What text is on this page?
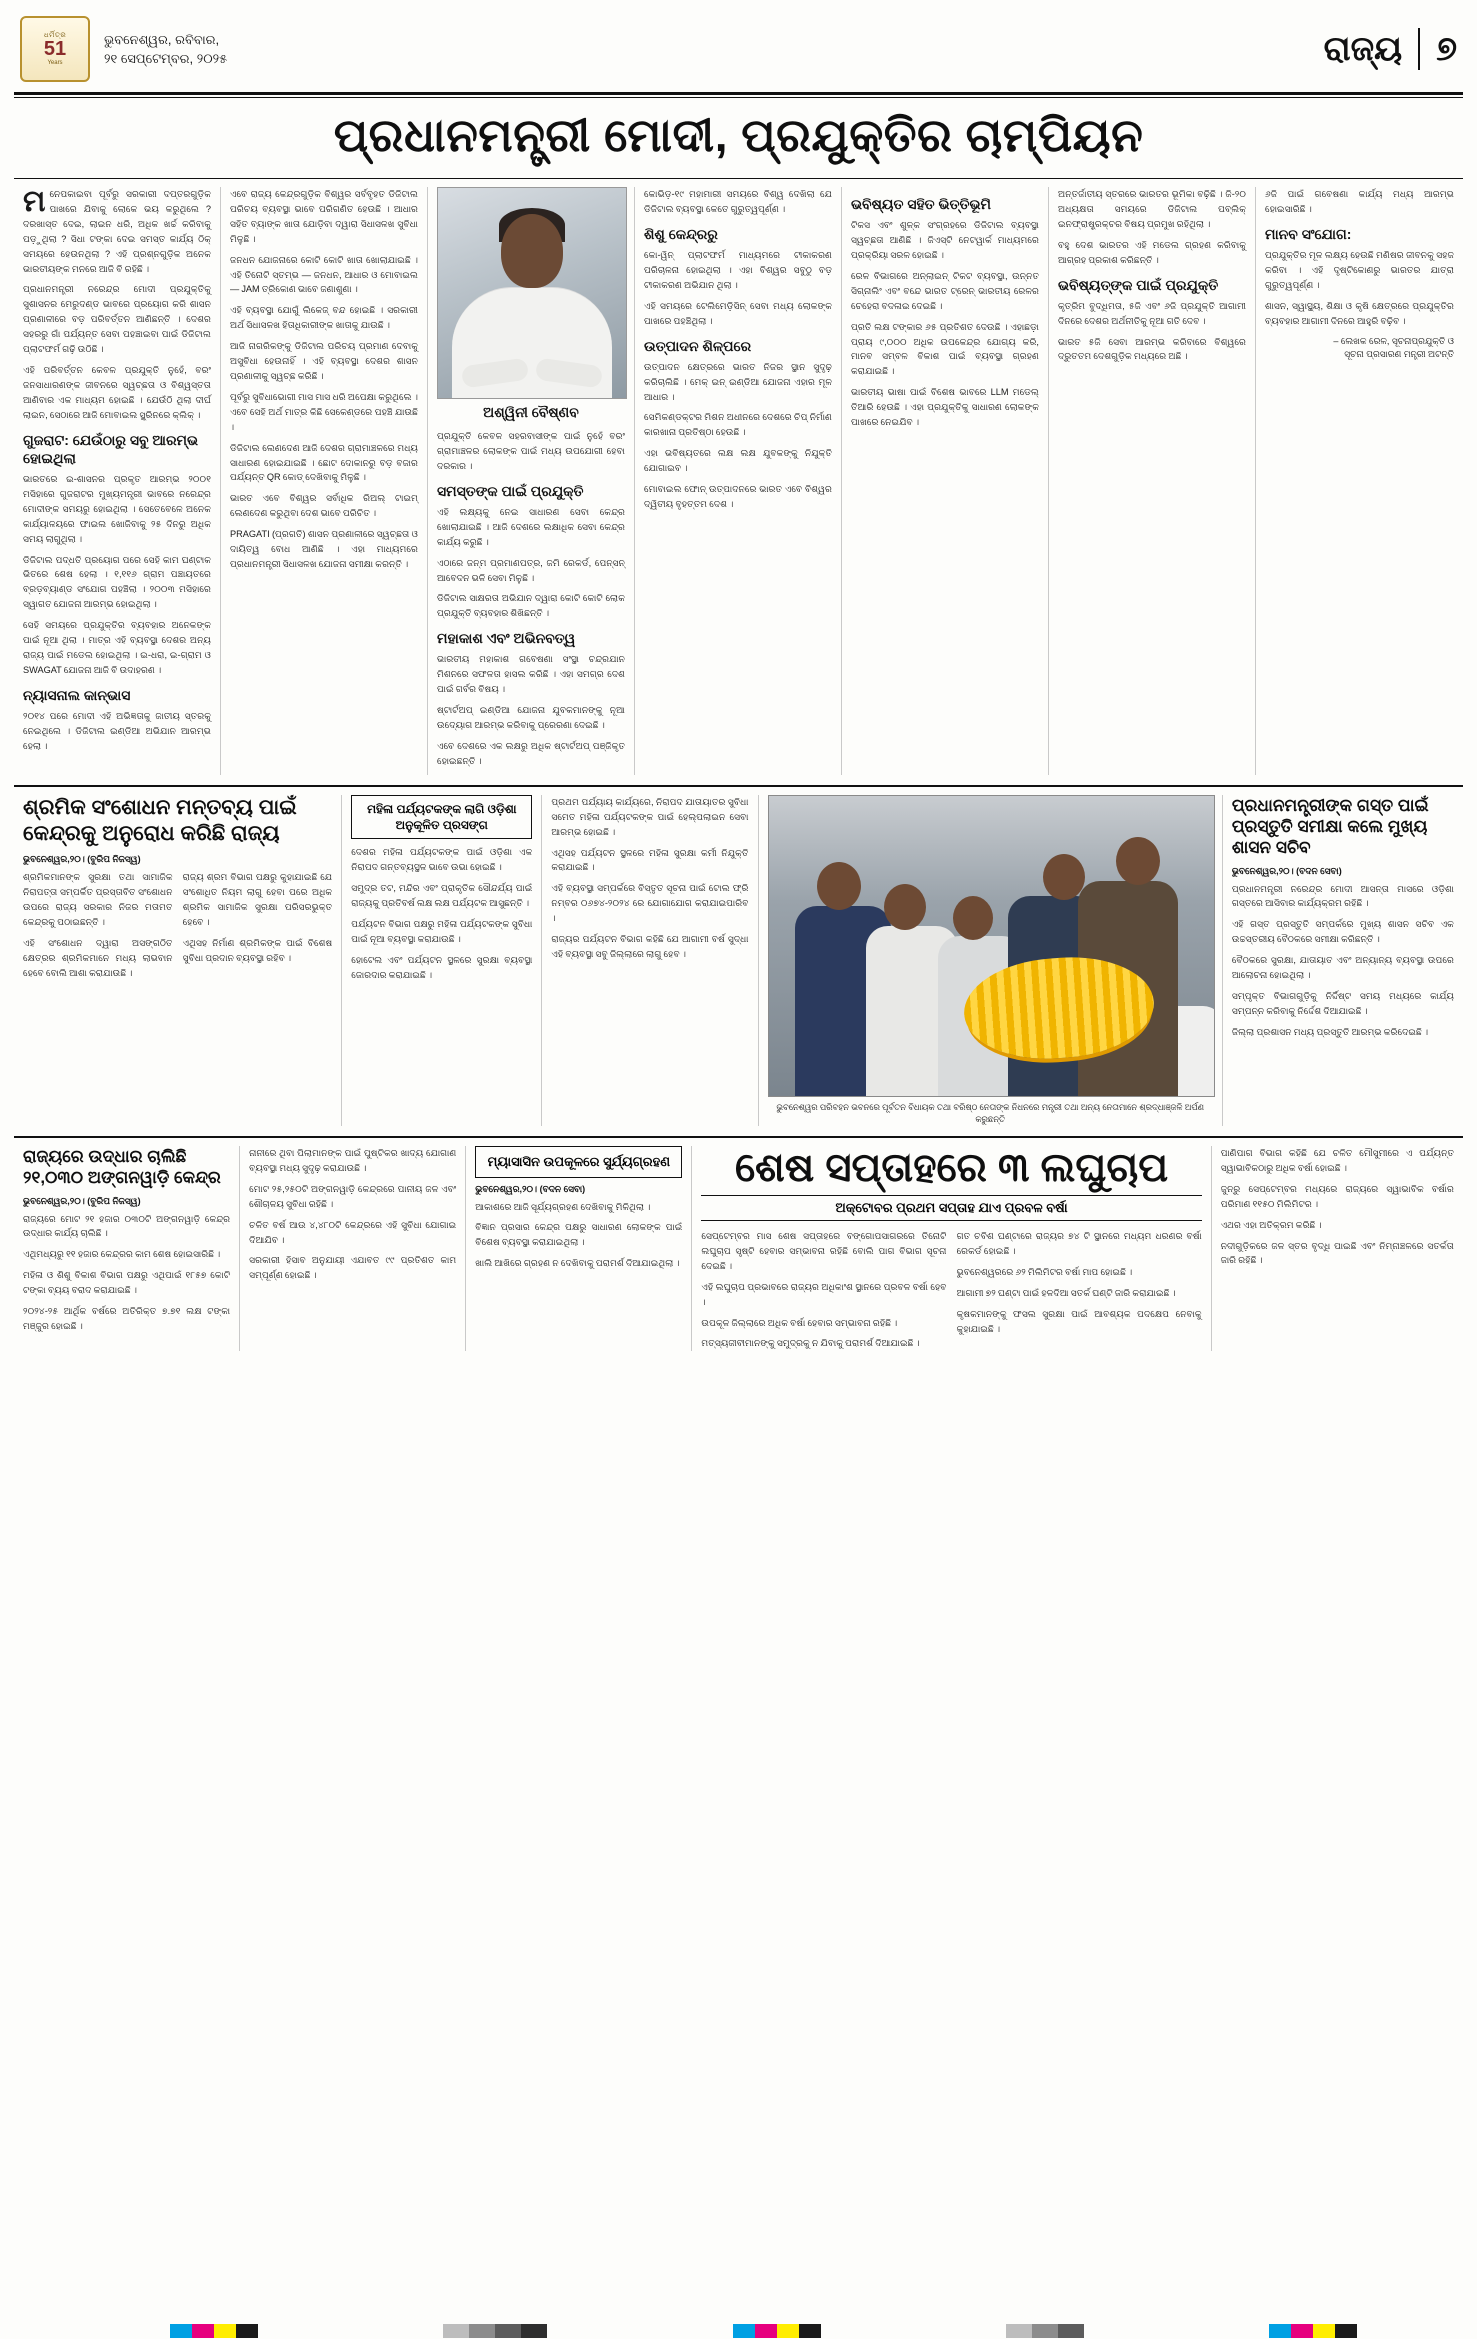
ଧର୍ମିତ୍ର
51
Years
ଭୁବନେଶ୍ୱର, ରବିବାର,
୨୧ ସେପ୍ଟେମ୍ବର, ୨୦୨୫	ରାଜ୍ୟ ୭
ପ୍ରଧାନମନ୍ତ୍ରୀ ମୋଦୀ, ପ୍ରଯୁକ୍ତିର ଚାମ୍ପିୟନ

ମନେପକାଇବା ପୂର୍ବରୁ ସରକାରୀ ଦପ୍ତରଗୁଡ଼ିକ ପାଖରେ ଯିବାକୁ ଲୋକେ ଭୟ କରୁଥିଲେ ? ଦରଖାସ୍ତ ଦେଇ, ଲାଇନ ଧରି, ଅଧିକ ଖର୍ଚ୍ଚ କରିବାକୁ ପଡ଼ୁଥିଲା ? ସିଧା ଟଙ୍କା ଦେଇ ସମସ୍ତ କାର୍ଯ୍ୟ ଠିକ୍‌ ସମୟରେ ହେଉନଥିଲା ? ଏହି ପ୍ରଶ୍ନଗୁଡ଼ିକ ଅନେକ ଭାରତୀୟଙ୍କ ମନରେ ଆଜି ବି ରହିଛି ।

ପ୍ରଧାନମନ୍ତ୍ରୀ ନରେନ୍ଦ୍ର ମୋଦୀ ପ୍ରଯୁକ୍ତିକୁ ସୁଶାସନର ମେରୁଦଣ୍ଡ ଭାବରେ ପ୍ରୟୋଗ କରି ଶାସନ ପ୍ରଣାଳୀରେ ବଡ଼ ପରିବର୍ତ୍ତନ ଆଣିଛନ୍ତି । ଦେଶର ସହରରୁ ଗାଁ ପର୍ଯ୍ୟନ୍ତ ସେବା ପହଞ୍ଚାଇବା ପାଇଁ ଡିଜିଟାଲ ପ୍ଲାଟଫର୍ମ ଗଢ଼ି ଉଠିଛି ।

ଏହି ପରିବର୍ତ୍ତନ କେବଳ ପ୍ରଯୁକ୍ତି ନୁହେଁ, ବରଂ ଜନସାଧାରଣଙ୍କ ଜୀବନରେ ସ୍ୱଚ୍ଛତା ଓ ବିଶ୍ୱସ୍ତତା ଆଣିବାର ଏକ ମାଧ୍ୟମ ହୋଇଛି । ଯେଉଁଠି ଥିଲା ଦୀର୍ଘ ଲାଇନ, ସେଠାରେ ଆଜି ମୋବାଇଲ ସ୍କ୍ରିନରେ କ୍ଲିକ୍‌ ।

ଗୁଜରାଟ: ଯେଉଁଠାରୁ ସବୁ ଆରମ୍ଭ ହୋଇଥିଲା

ଭାରତରେ ଇ-ଶାସନର ପ୍ରକୃତ ଆରମ୍ଭ ୨୦୦୧ ମସିହାରେ ଗୁଜରାଟର ମୁଖ୍ୟମନ୍ତ୍ରୀ ଭାବରେ ନରେନ୍ଦ୍ର ମୋଦୀଙ୍କ ସମୟରୁ ହୋଇଥିଲା । ସେତେବେଳେ ଅନେକ କାର୍ଯ୍ୟାଳୟରେ ଫାଇଲ ଖୋଜିବାକୁ ୨୫ ଦିନରୁ ଅଧିକ ସମୟ ଲାଗୁଥିଲା ।

ଡିଜିଟାଲ ପଦ୍ଧତି ପ୍ରୟୋଗ ପରେ ସେହି କାମ ଘଣ୍ଟାକ ଭିତରେ ଶେଷ ହେଲା । ୧,୧୧୬ ଗ୍ରାମ ପଞ୍ଚାୟତରେ ବ୍ରଡ଼ବ୍ୟାଣ୍ଡ ସଂଯୋଗ ପହଞ୍ଚିଲା । ୨୦୦୩ ମସିହାରେ ସ୍ୱାଗତ ଯୋଜନା ଆରମ୍ଭ ହୋଇଥିଲା ।

ସେହି ସମୟରେ ପ୍ରଯୁକ୍ତିର ବ୍ୟବହାର ଅନେକଙ୍କ ପାଇଁ ନୂଆ ଥିଲା । ମାତ୍ର ଏହି ବ୍ୟବସ୍ଥା ଦେଶର ଅନ୍ୟ ରାଜ୍ୟ ପାଇଁ ମଡେଲ ହୋଇଥିଲା । ଇ-ଧରା, ଇ-ଗ୍ରାମ ଓ SWAGAT ଯୋଜନା ଆଜି ବି ଉଦାହରଣ ।

ନ୍ୟାସନାଲ କାନ୍‌ଭାସ

୨୦୧୪ ପରେ ମୋଦୀ ଏହି ଅଭିଜ୍ଞତାକୁ ଜାତୀୟ ସ୍ତରକୁ ନେଇଥିଲେ । ଡିଜିଟାଲ ଇଣ୍ଡିଆ ଅଭିଯାନ ଆରମ୍ଭ ହେଲା ।

ଏବେ ରାଜ୍ୟ କେନ୍ଦ୍ରଗୁଡ଼ିକ ବିଶ୍ୱର ସର୍ବବୃହତ ଡିଜିଟାଲ ପରିଚୟ ବ୍ୟବସ୍ଥା ଭାବେ ପରିଗଣିତ ହେଉଛି । ଆଧାର ସହିତ ବ୍ୟାଙ୍କ ଖାତା ଯୋଡ଼ିବା ଦ୍ୱାରା ସିଧାସଳଖ ସୁବିଧା ମିଳୁଛି ।

ଜନଧନ ଯୋଜନାରେ କୋଟି କୋଟି ଖାତା ଖୋଲାଯାଇଛି । ଏହି ତିନୋଟି ସ୍ତମ୍ଭ — ଜନଧନ, ଆଧାର ଓ ମୋବାଇଲ — JAM ତ୍ରିକୋଣ ଭାବେ ଜଣାଶୁଣା ।

ଏହି ବ୍ୟବସ୍ଥା ଯୋଗୁଁ ଲିକେଜ୍‌ ବନ୍ଦ ହୋଇଛି । ସରକାରୀ ଅର୍ଥ ସିଧାସଳଖ ହିତାଧିକାରୀଙ୍କ ଖାତାକୁ ଯାଉଛି ।

ଆଜି ନାଗରିକଙ୍କୁ ଡିଜିଟାଲ ପରିଚୟ ପ୍ରମାଣ ଦେବାକୁ ଅସୁବିଧା ହେଉନାହିଁ । ଏହି ବ୍ୟବସ୍ଥା ଦେଶର ଶାସନ ପ୍ରଣାଳୀକୁ ସ୍ୱଚ୍ଛ କରିଛି ।

ପୂର୍ବରୁ ସୁବିଧାଭୋଗୀ ମାସ ମାସ ଧରି ଅପେକ୍ଷା କରୁଥିଲେ । ଏବେ ସେହି ଅର୍ଥ ମାତ୍ର କିଛି ସେକେଣ୍ଡରେ ପହଞ୍ଚି ଯାଉଛି ।

ଡିଜିଟାଲ ଲେଣଦେଣ ଆଜି ଦେଶର ଗ୍ରାମାଞ୍ଚଳରେ ମଧ୍ୟ ସାଧାରଣ ହୋଇଯାଇଛି । ଛୋଟ ଦୋକାନରୁ ବଡ଼ ବଜାର ପର୍ଯ୍ୟନ୍ତ QR କୋଡ୍‌ ଦେଖିବାକୁ ମିଳୁଛି ।

ଭାରତ ଏବେ ବିଶ୍ୱର ସର୍ବାଧିକ ରିଅଲ୍‌ ଟାଇମ୍‌ ଲେଣଦେଣ କରୁଥିବା ଦେଶ ଭାବେ ପରିଚିତ ।

PRAGATI (ପ୍ରଗତି) ଶାସନ ପ୍ରଣାଳୀରେ ସ୍ୱଚ୍ଛତା ଓ ଦାୟିତ୍ୱ ବୋଧ ଆଣିଛି । ଏହା ମାଧ୍ୟମରେ ପ୍ରଧାନମନ୍ତ୍ରୀ ସିଧାସଳଖ ଯୋଜନା ସମୀକ୍ଷା କରନ୍ତି ।

ଅଶ୍ୱିନୀ ବୈଷ୍ଣବ

ପ୍ରଯୁକ୍ତି କେବଳ ସହରବାସୀଙ୍କ ପାଇଁ ନୁହେଁ ବରଂ ଗ୍ରାମାଞ୍ଚଳର ଲୋକଙ୍କ ପାଇଁ ମଧ୍ୟ ଉପଯୋଗୀ ହେବା ଦରକାର ।

ସମସ୍ତଙ୍କ ପାଇଁ ପ୍ରଯୁକ୍ତି

ଏହି ଲକ୍ଷ୍ୟକୁ ନେଇ ସାଧାରଣ ସେବା କେନ୍ଦ୍ର ଖୋଲାଯାଇଛି । ଆଜି ଦେଶରେ ଲକ୍ଷାଧିକ ସେବା କେନ୍ଦ୍ର କାର୍ଯ୍ୟ କରୁଛି ।

ଏଠାରେ ଜନ୍ମ ପ୍ରମାଣପତ୍ର, ଜମି ରେକର୍ଡ, ପେନ୍‌ସନ୍‌ ଆବେଦନ ଭଳି ସେବା ମିଳୁଛି ।

ଡିଜିଟାଲ ସାକ୍ଷରତା ଅଭିଯାନ ଦ୍ୱାରା କୋଟି କୋଟି ଲୋକ ପ୍ରଯୁକ୍ତି ବ୍ୟବହାର ଶିଖିଛନ୍ତି ।

ମହାକାଶ ଏବଂ ଅଭିନବତ୍ୱ

ଭାରତୀୟ ମହାକାଶ ଗବେଷଣା ସଂସ୍ଥା ଚନ୍ଦ୍ରଯାନ ମିଶନରେ ସଫଳତା ହାସଲ କରିଛି । ଏହା ସମଗ୍ର ଦେଶ ପାଇଁ ଗର୍ବର ବିଷୟ ।

ଷ୍ଟାର୍ଟଅପ୍‌ ଇଣ୍ଡିଆ ଯୋଜନା ଯୁବକମାନଙ୍କୁ ନୂଆ ଉଦ୍ୟୋଗ ଆରମ୍ଭ କରିବାକୁ ପ୍ରେରଣା ଦେଇଛି ।

ଏବେ ଦେଶରେ ଏକ ଲକ୍ଷରୁ ଅଧିକ ଷ୍ଟାର୍ଟଅପ୍‌ ପଞ୍ଜିକୃତ ହୋଇଛନ୍ତି ।

କୋଭିଡ଼-୧୯ ମହାମାରୀ ସମୟରେ ବିଶ୍ୱ ଦେଖିଲା ଯେ ଡିଜିଟାଲ ବ୍ୟବସ୍ଥା କେତେ ଗୁରୁତ୍ୱପୂର୍ଣ୍ଣ ।

ଶିଶୁ କେନ୍ଦ୍ରରୁ

କୋ-ୱିନ୍‌ ପ୍ଲାଟଫର୍ମ ମାଧ୍ୟମରେ ଟୀକାକରଣ ପରିଚାଳନା ହୋଇଥିଲା । ଏହା ବିଶ୍ୱର ସବୁଠୁ ବଡ଼ ଟୀକାକରଣ ଅଭିଯାନ ଥିଲା ।

ଏହି ସମୟରେ ଟେଲିମେଡ଼ିସିନ୍‌ ସେବା ମଧ୍ୟ ଲୋକଙ୍କ ପାଖରେ ପହଞ୍ଚିଥିଲା ।

ଉତ୍ପାଦନ ଶିଳ୍ପରେ

ଉତ୍ପାଦନ କ୍ଷେତ୍ରରେ ଭାରତ ନିଜର ସ୍ଥାନ ସୁଦୃଢ଼ କରିଚାଲିଛି । ମେକ୍‌ ଇନ୍‌ ଇଣ୍ଡିଆ ଯୋଜନା ଏହାର ମୂଳ ଆଧାର ।

ସେମିକଣ୍ଡକ୍ଟର ମିଶନ ଅଧୀନରେ ଦେଶରେ ଚିପ୍‌ ନିର୍ମାଣ କାରଖାନା ପ୍ରତିଷ୍ଠା ହେଉଛି ।

ଏହା ଭବିଷ୍ୟତରେ ଲକ୍ଷ ଲକ୍ଷ ଯୁବକଙ୍କୁ ନିଯୁକ୍ତି ଯୋଗାଇବ ।

ମୋବାଇଲ ଫୋନ୍‌ ଉତ୍ପାଦନରେ ଭାରତ ଏବେ ବିଶ୍ୱର ଦ୍ୱିତୀୟ ବୃହତ୍ତମ ଦେଶ ।

ଭବିଷ୍ୟତ ସହିତ ଭିତ୍ତିଭୂମି

ଟିକସ ଏବଂ ଶୁଳ୍କ ସଂଗ୍ରହରେ ଡିଜିଟାଲ ବ୍ୟବସ୍ଥା ସ୍ୱଚ୍ଛତା ଆଣିଛି । ଜିଏସ୍‌ଟି ନେଟୱାର୍କ ମାଧ୍ୟମରେ ପ୍ରକ୍ରିୟା ସରଳ ହୋଇଛି ।

ରେଳ ବିଭାଗରେ ଅନ୍‌ଲାଇନ୍‌ ଟିକଟ ବ୍ୟବସ୍ଥା, ଉନ୍ନତ ସିଗ୍ନାଲିଂ ଏବଂ ବନ୍ଦେ ଭାରତ ଟ୍ରେନ୍‌ ଭାରତୀୟ ରେଳର ଚେହେରା ବଦଳାଇ ଦେଇଛି ।

ପ୍ରତି ଲକ୍ଷ ଟଙ୍କାର ୬୫ ପ୍ରତିଶତ ଦେଉଛି । ଏହାଛଡ଼ା ପ୍ରାୟ ୯,୦୦୦ ଅଧିକ ଉପକେନ୍ଦ୍ର ଯୋଗ୍ୟ କରି, ମାନବ ସମ୍ବଳ ବିକାଶ ପାଇଁ ବ୍ୟବସ୍ଥା ଗ୍ରହଣ କରାଯାଇଛି ।

ଭାରତୀୟ ଭାଷା ପାଇଁ ବିଶେଷ ଭାବରେ LLM ମଡେଲ୍‌ ତିଆରି ହେଉଛି । ଏହା ପ୍ରଯୁକ୍ତିକୁ ସାଧାରଣ ଲୋକଙ୍କ ପାଖରେ ନେଇଯିବ ।

ଅନ୍ତର୍ଜାତୀୟ ସ୍ତରରେ ଭାରତର ଭୂମିକା ବଢ଼ିଛି । ଜି-୨୦ ଅଧ୍ୟକ୍ଷତା ସମୟରେ ଡିଜିଟାଲ ପବ୍ଲିକ୍‌ ଇନଫ୍ରାଷ୍ଟ୍ରକ୍ଚର ବିଷୟ ପ୍ରମୁଖ ରହିଥିଲା ।

ବହୁ ଦେଶ ଭାରତର ଏହି ମଡେଲ ଗ୍ରହଣ କରିବାକୁ ଆଗ୍ରହ ପ୍ରକାଶ କରିଛନ୍ତି ।

ଭବିଷ୍ୟତ୍‌ଙ୍କ ପାଇଁ ପ୍ରଯୁକ୍ତି

କୃତ୍ରିମ ବୁଦ୍ଧିମତା, ୫ଜି ଏବଂ ୬ଜି ପ୍ରଯୁକ୍ତି ଆଗାମୀ ଦିନରେ ଦେଶର ଅର୍ଥନୀତିକୁ ନୂଆ ଗତି ଦେବ ।

ଭାରତ ୫ଜି ସେବା ଆରମ୍ଭ କରିବାରେ ବିଶ୍ୱରେ ଦ୍ରୁତତମ ଦେଶଗୁଡ଼ିକ ମଧ୍ୟରେ ଅଛି ।

୬ଜି ପାଇଁ ଗବେଷଣା କାର୍ଯ୍ୟ ମଧ୍ୟ ଆରମ୍ଭ ହୋଇସାରିଛି ।

ମାନବ ସଂଯୋଗ:

ପ୍ରଯୁକ୍ତିର ମୂଳ ଲକ୍ଷ୍ୟ ହେଉଛି ମଣିଷର ଜୀବନକୁ ସହଜ କରିବା । ଏହି ଦୃଷ୍ଟିକୋଣରୁ ଭାରତର ଯାତ୍ରା ଗୁରୁତ୍ୱପୂର୍ଣ୍ଣ ।

ଶାସନ, ସ୍ୱାସ୍ଥ୍ୟ, ଶିକ୍ଷା ଓ କୃଷି କ୍ଷେତ୍ରରେ ପ୍ରଯୁକ୍ତିର ବ୍ୟବହାର ଆଗାମୀ ଦିନରେ ଆହୁରି ବଢ଼ିବ ।

– ଲେଖକ ରେଳ, ସୂଚନାପ୍ରଯୁକ୍ତି ଓ
ସୂଚନା ପ୍ରସାରଣ ମନ୍ତ୍ରୀ ଅଟନ୍ତି
ଶ୍ରମିକ ସଂଶୋଧନ ମନ୍ତବ୍ୟ ପାଇଁ କେନ୍ଦ୍ରକୁ ଅନୁରୋଧ କରିଛି ରାଜ୍ୟ
ଭୁବନେଶ୍ୱର,୨୦। (ବୁରିପ ନିଜସ୍ୱ)

ଶ୍ରମିକମାନଙ୍କ ସୁରକ୍ଷା ତଥା ସାମାଜିକ ନିରାପତ୍ତା ସମ୍ପର୍କିତ ପ୍ରସ୍ତାବିତ ସଂଶୋଧନ ଉପରେ ରାଜ୍ୟ ସରକାର ନିଜର ମତାମତ କେନ୍ଦ୍ରକୁ ପଠାଇଛନ୍ତି ।

ଏହି ସଂଶୋଧନ ଦ୍ୱାରା ଅସଙ୍ଗଠିତ କ୍ଷେତ୍ରର ଶ୍ରମିକମାନେ ମଧ୍ୟ ଲାଭବାନ ହେବେ ବୋଲି ଆଶା କରାଯାଉଛି ।

ରାଜ୍ୟ ଶ୍ରମ ବିଭାଗ ପକ୍ଷରୁ କୁହାଯାଇଛି ଯେ ସଂଶୋଧିତ ନିୟମ ଲାଗୁ ହେବା ପରେ ଅଧିକ ଶ୍ରମିକ ସାମାଜିକ ସୁରକ୍ଷା ପରିସରଭୁକ୍ତ ହେବେ ।

ଏଥିସହ ନିର୍ମାଣ ଶ୍ରମିକଙ୍କ ପାଇଁ ବିଶେଷ ସୁବିଧା ପ୍ରଦାନ ବ୍ୟବସ୍ଥା ରହିବ ।

ମହିଳା ପର୍ଯ୍ୟଟକଙ୍କ ଲାଗି ଓଡ଼ିଶା ଅନୁକୂଳିତ ପ୍ରସଙ୍ଗ

ଦେଶର ମହିଳା ପର୍ଯ୍ୟଟକଙ୍କ ପାଇଁ ଓଡ଼ିଶା ଏକ ନିରାପଦ ଗନ୍ତବ୍ୟସ୍ଥଳ ଭାବେ ଉଭା ହୋଇଛି ।

ସମୁଦ୍ର ତଟ, ମନ୍ଦିର ଏବଂ ପ୍ରାକୃତିକ ସୌନ୍ଦର୍ଯ୍ୟ ପାଇଁ ରାଜ୍ୟକୁ ପ୍ରତିବର୍ଷ ଲକ୍ଷ ଲକ୍ଷ ପର୍ଯ୍ୟଟକ ଆସୁଛନ୍ତି ।

ପର୍ଯ୍ୟଟନ ବିଭାଗ ପକ୍ଷରୁ ମହିଳା ପର୍ଯ୍ୟଟକଙ୍କ ସୁବିଧା ପାଇଁ ନୂଆ ବ୍ୟବସ୍ଥା କରାଯାଉଛି ।

ହୋଟେଲ ଏବଂ ପର୍ଯ୍ୟଟନ ସ୍ଥଳରେ ସୁରକ୍ଷା ବ୍ୟବସ୍ଥା ଜୋରଦାର କରାଯାଇଛି ।

ପ୍ରଥମ ପର୍ଯ୍ୟାୟ କାର୍ଯ୍ୟରେ, ନିରାପଦ ଯାତାୟାତର ସୁବିଧା ସମେତ ମହିଳା ପର୍ଯ୍ୟଟକଙ୍କ ପାଇଁ ହେଲ୍ପଲାଇନ ସେବା ଆରମ୍ଭ ହୋଇଛି ।

ଏଥିସହ ପର୍ଯ୍ୟଟନ ସ୍ଥଳରେ ମହିଳା ସୁରକ୍ଷା କର୍ମୀ ନିଯୁକ୍ତି କରାଯାଇଛି ।

ଏହି ବ୍ୟବସ୍ଥା ସମ୍ପର୍କରେ ବିସ୍ତୃତ ସୂଚନା ପାଇଁ ଟୋଲ ଫ୍ରି ନମ୍ବର ୦୬୭୪-୨୦୨୪ ରେ ଯୋଗାଯୋଗ କରାଯାଇପାରିବ ।

ରାଜ୍ୟର ପର୍ଯ୍ୟଟନ ବିଭାଗ କହିଛି ଯେ ଆଗାମୀ ବର୍ଷ ସୁଦ୍ଧା ଏହି ବ୍ୟବସ୍ଥା ସବୁ ଜିଲ୍ଲାରେ ଲାଗୁ ହେବ ।

ଭୁବନେଶ୍ୱର ପରିବହନ ଭବନରେ ପୂର୍ବତନ ବିଧାୟକ ତଥା ବରିଷ୍ଠ ନେତାଙ୍କ ନିଧନରେ ମନ୍ତ୍ରୀ ତଥା ଅନ୍ୟ ନେତାମାନେ ଶ୍ରଦ୍ଧାଞ୍ଜଳି ଅର୍ପଣ କରୁଛନ୍ତି
ପ୍ରଧାନମନ୍ତ୍ରୀଙ୍କ ଗସ୍ତ ପାଇଁ ପ୍ରସ୍ତୁତି ସମୀକ୍ଷା କଲେ ମୁଖ୍ୟ ଶାସନ ସଚିବ
ଭୁବନେଶ୍ୱର,୨୦। (ବଦନ ସେବା)

ପ୍ରଧାନମନ୍ତ୍ରୀ ନରେନ୍ଦ୍ର ମୋଦୀ ଆସନ୍ତା ମାସରେ ଓଡ଼ିଶା ଗସ୍ତରେ ଆସିବାର କାର୍ଯ୍ୟକ୍ରମ ରହିଛି ।

ଏହି ଗସ୍ତ ପ୍ରସ୍ତୁତି ସମ୍ପର୍କରେ ମୁଖ୍ୟ ଶାସନ ସଚିବ ଏକ ଉଚ୍ଚସ୍ତରୀୟ ବୈଠକରେ ସମୀକ୍ଷା କରିଛନ୍ତି ।

ବୈଠକରେ ସୁରକ୍ଷା, ଯାତାୟାତ ଏବଂ ଅନ୍ୟାନ୍ୟ ବ୍ୟବସ୍ଥା ଉପରେ ଆଲୋଚନା ହୋଇଥିଲା ।

ସମ୍ପୃକ୍ତ ବିଭାଗଗୁଡ଼ିକୁ ନିର୍ଦ୍ଦିଷ୍ଟ ସମୟ ମଧ୍ୟରେ କାର୍ଯ୍ୟ ସମ୍ପନ୍ନ କରିବାକୁ ନିର୍ଦ୍ଦେଶ ଦିଆଯାଇଛି ।

ଜିଲ୍ଲା ପ୍ରଶାସନ ମଧ୍ୟ ପ୍ରସ୍ତୁତି ଆରମ୍ଭ କରିଦେଇଛି ।

ରାଜ୍ୟରେ ଉଦ୍ଧାର ଚାଲିଛି ୨୧,୦୩୦ ଅଙ୍ଗନୱାଡ଼ି କେନ୍ଦ୍ର
ଭୁବନେଶ୍ୱର,୨୦। (ବୁରିପ ନିଜସ୍ୱ)

ରାଜ୍ୟରେ ମୋଟ ୨୧ ହଜାର ୦୩୦ଟି ଅଙ୍ଗନୱାଡ଼ି କେନ୍ଦ୍ର ଉଦ୍ଧାର କାର୍ଯ୍ୟ ଚାଲିଛି ।

ଏଥିମଧ୍ୟରୁ ୧୧ ହଜାର କେନ୍ଦ୍ରର କାମ ଶେଷ ହୋଇସାରିଛି ।

ମହିଳା ଓ ଶିଶୁ ବିକାଶ ବିଭାଗ ପକ୍ଷରୁ ଏଥିପାଇଁ ୧୮୫୭ କୋଟି ଟଙ୍କା ବ୍ୟୟ ବରାଦ କରାଯାଇଛି ।

୨୦୨୪-୨୫ ଆର୍ଥିକ ବର୍ଷରେ ଅତିରିକ୍ତ ୭.୭୧ ଲକ୍ଷ ଟଙ୍କା ମଞ୍ଜୁର ହୋଇଛି ।

ନାନୀରେ ଥିବା ପିଲାମାନଙ୍କ ପାଇଁ ପୁଷ୍ଟିକର ଖାଦ୍ୟ ଯୋଗାଣ ବ୍ୟବସ୍ଥା ମଧ୍ୟ ସୁଦୃଢ଼ କରାଯାଉଛି ।

ମୋଟ ୨୫,୨୫୦ଟି ଅଙ୍ଗନୱାଡ଼ି କେନ୍ଦ୍ରରେ ପାନୀୟ ଜଳ ଏବଂ ଶୌଚାଳୟ ସୁବିଧା ରହିଛି ।

ଚଳିତ ବର୍ଷ ଆଉ ୪,୪୮୦ଟି କେନ୍ଦ୍ରରେ ଏହି ସୁବିଧା ଯୋଗାଇ ଦିଆଯିବ ।

ସରକାରୀ ହିସାବ ଅନୁଯାୟୀ ଏଯାବତ ୯୯ ପ୍ରତିଶତ କାମ ସମ୍ପୂର୍ଣ୍ଣ ହୋଇଛି ।

ମ୍ୟାସାସିନ ଉପକୂଳରେ ସୁର୍ଯ୍ୟଗ୍ରହଣ
ଭୁବନେଶ୍ୱର,୨୦। (ବଦନ ସେବା)

ଆକାଶରେ ଆଜି ସୂର୍ଯ୍ୟଗ୍ରହଣ ଦେଖିବାକୁ ମିଳିଥିଲା ।

ବିଜ୍ଞାନ ପ୍ରସାର କେନ୍ଦ୍ର ପକ୍ଷରୁ ସାଧାରଣ ଲୋକଙ୍କ ପାଇଁ ବିଶେଷ ବ୍ୟବସ୍ଥା କରାଯାଇଥିଲା ।

ଖାଲି ଆଖିରେ ଗ୍ରହଣ ନ ଦେଖିବାକୁ ପରାମର୍ଶ ଦିଆଯାଇଥିଲା ।

ଶେଷ ସପ୍ତାହରେ ୩ ଲଘୁଚାପ
ଅକ୍ଟୋବର ପ୍ରଥମ ସପ୍ତାହ ଯାଏ ପ୍ରବଳ ବର୍ଷା

ସେପ୍ଟେମ୍ବର ମାସ ଶେଷ ସପ୍ତାହରେ ବଙ୍ଗୋପସାଗରରେ ତିନୋଟି ଲଘୁଚାପ ସୃଷ୍ଟି ହେବାର ସମ୍ଭାବନା ରହିଛି ବୋଲି ପାଗ ବିଭାଗ ସୂଚନା ଦେଇଛି ।

ଏହି ଲଘୁଚାପ ପ୍ରଭାବରେ ରାଜ୍ୟର ଅଧିକାଂଶ ସ୍ଥାନରେ ପ୍ରବଳ ବର୍ଷା ହେବ ।

ଉପକୂଳ ଜିଲ୍ଲାରେ ଅଧିକ ବର୍ଷା ହେବାର ସମ୍ଭାବନା ରହିଛି ।

ମତ୍ସ୍ୟଜୀବୀମାନଙ୍କୁ ସମୁଦ୍ରକୁ ନ ଯିବାକୁ ପରାମର୍ଶ ଦିଆଯାଇଛି ।

ଗତ ଚବିଶ ଘଣ୍ଟାରେ ରାଜ୍ୟର ୭୪ ଟି ସ୍ଥାନରେ ମଧ୍ୟମ ଧରଣର ବର୍ଷା ରେକର୍ଡ ହୋଇଛି ।

ଭୁବନେଶ୍ୱରରେ ୬୨ ମିଲିମିଟର ବର୍ଷା ମାପ ହୋଇଛି ।

ଆଗାମୀ ୭୨ ଘଣ୍ଟା ପାଇଁ ହଳଦିଆ ସତର୍କ ଘଣ୍ଟି ଜାରି କରାଯାଇଛି ।

କୃଷକମାନଙ୍କୁ ଫସଲ ସୁରକ୍ଷା ପାଇଁ ଆବଶ୍ୟକ ପଦକ୍ଷେପ ନେବାକୁ କୁହାଯାଇଛି ।

ପାଣିପାଗ ବିଭାଗ କହିଛି ଯେ ଚଳିତ ମୌସୁମୀରେ ଏ ପର୍ଯ୍ୟନ୍ତ ସ୍ୱାଭାବିକଠାରୁ ଅଧିକ ବର୍ଷା ହୋଇଛି ।

ଜୁନ୍‌ରୁ ସେପ୍ଟେମ୍ବର ମଧ୍ୟରେ ରାଜ୍ୟରେ ସ୍ୱାଭାବିକ ବର୍ଷାର ପରିମାଣ ୧୧୫୦ ମିଲିମିଟର ।

ଏଥର ଏହା ଅତିକ୍ରମ କରିଛି ।

ନଦୀଗୁଡ଼ିକରେ ଜଳ ସ୍ତର ବୃଦ୍ଧି ପାଇଛି ଏବଂ ନିମ୍ନାଞ୍ଚଳରେ ସତର୍କତା ଜାରି ରହିଛି ।
